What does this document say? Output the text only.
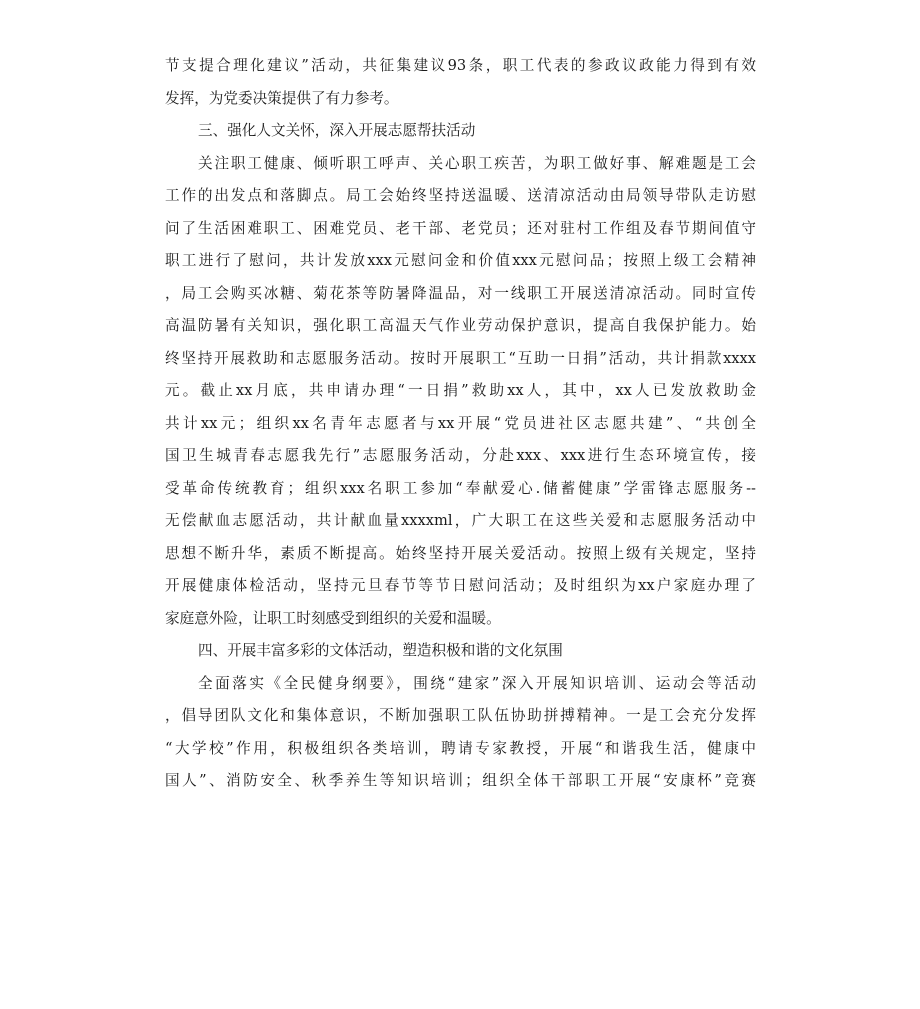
节支提合理化建议”活动，共征集建议93条，职工代表的参政议政能力得到有效
发挥，为党委决策提供了有力参考。
三、强化人文关怀，深入开展志愿帮扶活动
关注职工健康、倾听职工呼声、关心职工疾苦，为职工做好事、解难题是工会
工作的出发点和落脚点。局工会始终坚持送温暖、送清凉活动由局领导带队走访慰
问了生活困难职工、困难党员、老干部、老党员；还对驻村工作组及春节期间值守
职工进行了慰问，共计发放xxx元慰问金和价值xxx元慰问品；按照上级工会精神
，局工会购买冰糖、菊花茶等防暑降温品，对一线职工开展送清凉活动。同时宣传
高温防暑有关知识，强化职工高温天气作业劳动保护意识，提高自我保护能力。始
终坚持开展救助和志愿服务活动。按时开展职工“互助一日捐”活动，共计捐款xxxx
元。截止xx月底，共申请办理“一日捐”救助xx人，其中，xx人已发放救助金
共计xx元；组织xx名青年志愿者与xx开展“党员进社区志愿共建”、“共创全
国卫生城青春志愿我先行”志愿服务活动，分赴xxx、xxx进行生态环境宣传，接
受革命传统教育；组织xxx名职工参加“奉献爱心.储蓄健康”学雷锋志愿服务--
无偿献血志愿活动，共计献血量xxxxml，广大职工在这些关爱和志愿服务活动中
思想不断升华，素质不断提高。始终坚持开展关爱活动。按照上级有关规定，坚持
开展健康体检活动，坚持元旦春节等节日慰问活动；及时组织为xx户家庭办理了
家庭意外险，让职工时刻感受到组织的关爱和温暖。
四、开展丰富多彩的文体活动，塑造积极和谐的文化氛围
全面落实《全民健身纲要》，围绕“建家”深入开展知识培训、运动会等活动
，倡导团队文化和集体意识，不断加强职工队伍协助拼搏精神。一是工会充分发挥
“大学校”作用，积极组织各类培训，聘请专家教授，开展“和谐我生活，健康中
国人”、消防安全、秋季养生等知识培训；组织全体干部职工开展“安康杯”竞赛
